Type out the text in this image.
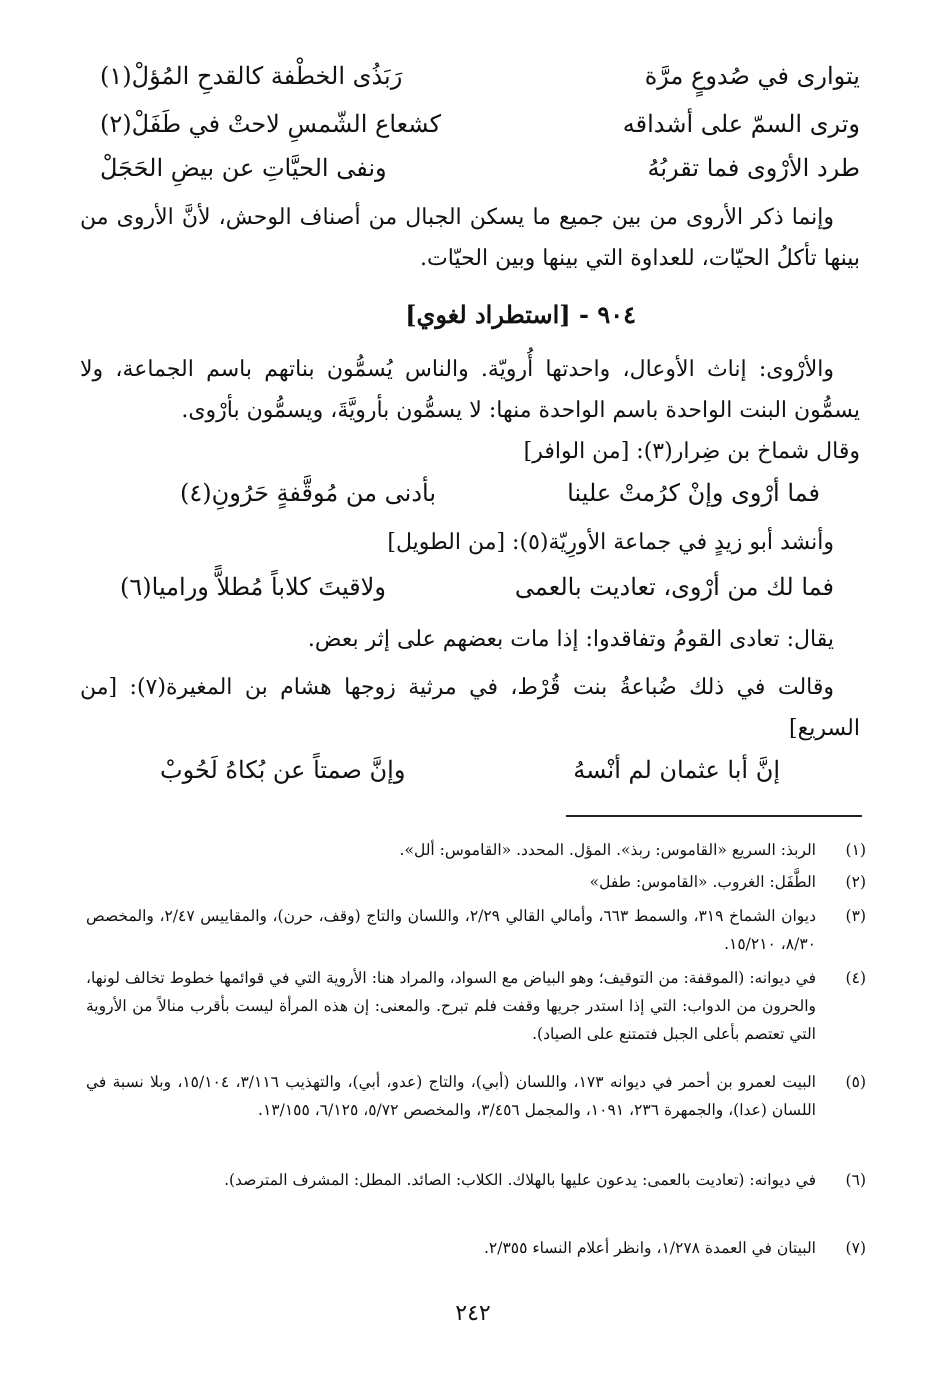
يتوارى في صُدوعٍ مرَّة
رَبَذُى الخطْفة كالقدحِ المُؤلْ(١)
وترى السمّ على أشداقه
كشعاع الشّمسِ لاحتْ في طَفَلْ(٢)
طرد الأرْوى فما تقربُهُ
ونفى الحيَّاتِ عن بيضِ الحَجَلْ
وإنما ذكر الأروى من بين جميع ما يسكن الجبال من أصناف الوحش، لأنَّ الأروى من بينها تأكلُ الحيّات، للعداوة التي بينها وبين الحيّات.
٩٠٤ - [استطراد لغوي]
والأرْوى: إناث الأوعال، واحدتها أُرويّة. والناس يُسمُّون بناتهم باسم الجماعة، ولا يسمُّون البنت الواحدة باسم الواحدة منها: لا يسمُّون بأرويَّةَ، ويسمُّون بأرْوى.
وقال شماخ بن ضِرار(٣): [من الوافر]
فما أرْوى وإنْ كرُمتْ علينا
بأدنى من مُوقَّفةٍ حَرُونِ(٤)
وأنشد أبو زيدٍ في جماعة الأورِيّة(٥): [من الطويل]
فما لك من أرْوى، تعاديت بالعمى
ولاقيتَ كلاباً مُطلاًّ وراميا(٦)
يقال: تعادى القومُ وتفاقدوا: إذا مات بعضهم على إثر بعض.
وقالت في ذلك ضُباعةُ بنت قُرْط، في مرثية زوجها هشام بن المغيرة(٧): [من السريع]
إنَّ أبا عثمان لم أنْسهُ
وإنَّ صمتاً عن بُكاهُ لَحُوبْ
(١)
الربذ: السريع «القاموس: ربذ». المؤل. المحدد. «القاموس: ألل».
(٢)
الطَّفَل: الغروب. «القاموس: طفل»
(٣)
ديوان الشماخ ٣١٩، والسمط ٦٦٣، وأمالي القالي ٢/٢٩، واللسان والتاج (وقف، حرن)، والمقاييس ٢/٤٧، والمخصص ٨/٣٠، ١٥/٢١٠.
(٤)
في ديوانه: (الموقفة: من التوقيف؛ وهو البياض مع السواد، والمراد هنا: الأروية التي في قوائمها خطوط تخالف لونها، والحرون من الدواب: التي إذا استدر جريها وقفت فلم تبرح. والمعنى: إن هذه المرأة ليست بأقرب منالاً من الأروية التي تعتصم بأعلى الجبل فتمتنع على الصياد).
(٥)
البيت لعمرو بن أحمر في ديوانه ١٧٣، واللسان (أبي)، والتاج (عدو، أبي)، والتهذيب ٣/١١٦، ١٥/١٠٤، وبلا نسبة في اللسان (عدا)، والجمهرة ٢٣٦، ١٠٩١، والمجمل ٣/٤٥٦، والمخصص ٥/٧٢، ٦/١٢٥، ١٣/١٥٥.
(٦)
في ديوانه: (تعاديت بالعمى: يدعون عليها بالهلاك. الكلاب: الصائد. المطل: المشرف المترصد).
(٧)
البيتان في العمدة ١/٢٧٨، وانظر أعلام النساء ٢/٣٥٥.
٢٤٢
